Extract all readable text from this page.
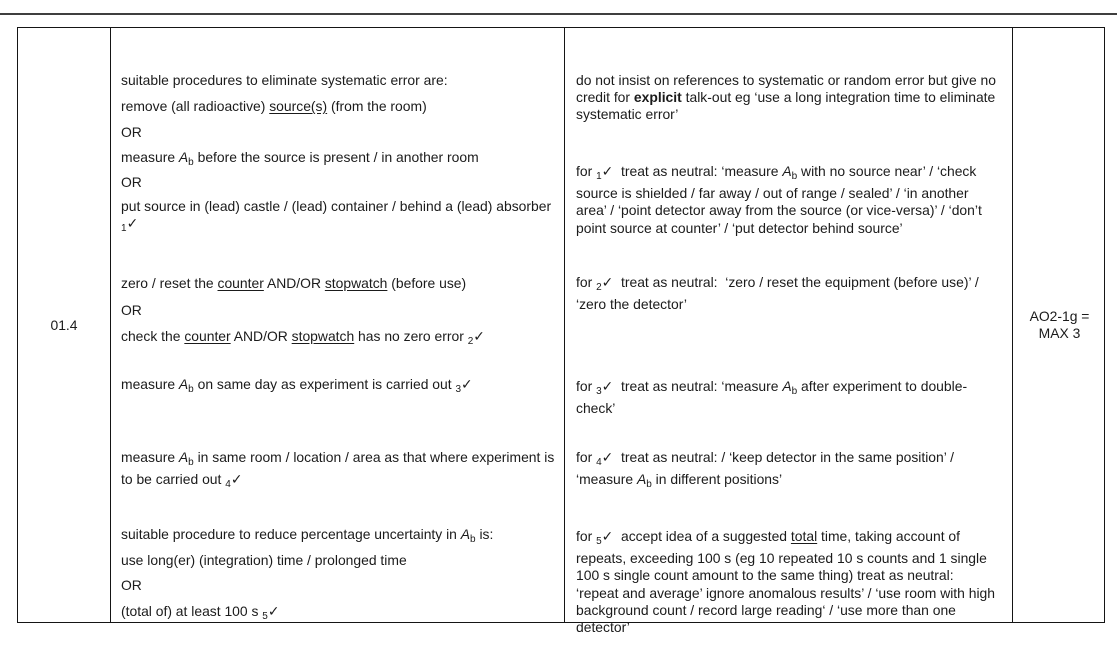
01.4

suitable procedures to eliminate systematic error are:

remove (all radioactive) source(s) (from the room)

OR

measure $A_b$ before the source is present / in another room

OR

put source in (lead) castle / (lead) container / behind a (lead) absorber $_1$✓

zero / reset the counter AND/OR stopwatch (before use)

OR

check the counter AND/OR stopwatch has no zero error $_2$✓

measure $A_b$ on same day as experiment is carried out $_3$✓

measure $A_b$ in same room / location / area as that where experiment is to be carried out $_4$✓

suitable procedure to reduce percentage uncertainty in $A_b$ is:

use long(er) (integration) time / prolonged time

OR

(total of) at least 100 s $_5$✓

do not insist on references to systematic or random error but give no credit for explicit talk-out eg ‘use a long integration time to eliminate systematic error’

for $_1$✓  treat as neutral: ‘measure $A_b$ with no source near’ / ‘check source is shielded / far away / out of range / sealed’ / ‘in another area’ / ‘point detector away from the source (or vice-versa)’ / ‘don’t point source at counter’ / ‘put detector behind source’

for $_2$✓  treat as neutral:  ‘zero / reset the equipment (before use)’ / ‘zero the detector’

for $_3$✓  treat as neutral: ‘measure $A_b$ after experiment to double-check’

for $_4$✓  treat as neutral: / ‘keep detector in the same position’ / ‘measure $A_b$ in different positions’

for $_5$✓  accept idea of a suggested total time, taking account of repeats, exceeding 100 s (eg 10 repeated 10 s counts and 1 single 100 s single count amount to the same thing) treat as neutral: ‘repeat and average’ ignore anomalous results’ / ‘use room with high background count / record large reading‘ / ‘use more than one detector’

AO2-1g =
MAX 3
